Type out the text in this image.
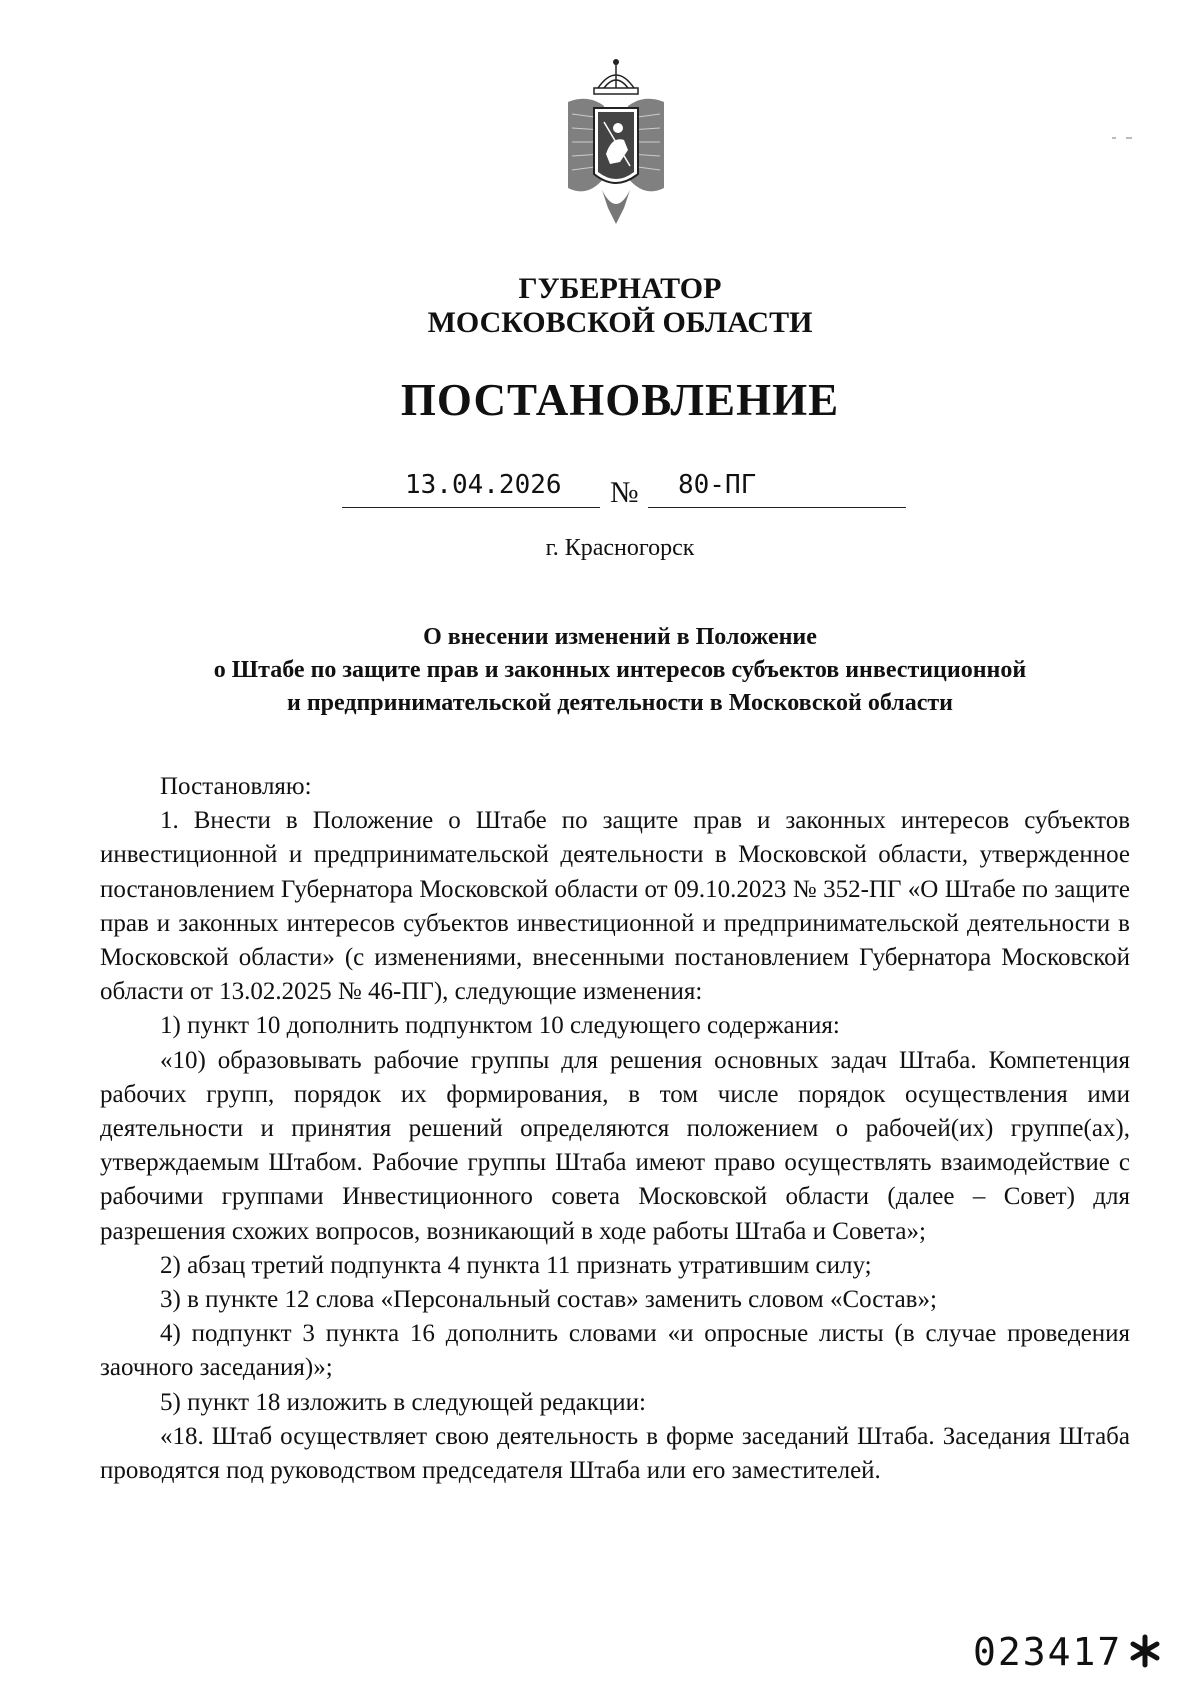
ГУБЕРНАТОР
МОСКОВСКОЙ ОБЛАСТИ
ПОСТАНОВЛЕНИЕ
13.04.2026 № 80-ПГ
г. Красногорск
О внесении изменений в Положение
о Штабе по защите прав и законных интересов субъектов инвестиционной
и предпринимательской деятельности в Московской области

Постановляю:

1. Внести в Положение о Штабе по защите прав и законных интересов субъектов инвестиционной и предпринимательской деятельности в Московской области, утвержденное постановлением Губернатора Московской области от 09.10.2023 № 352-ПГ «О Штабе по защите прав и законных интересов субъектов инвестиционной и предпринимательской деятельности в Московской области» (с изменениями, внесенными постановлением Губернатора Московской области от 13.02.2025 № 46-ПГ), следующие изменения:

1) пункт 10 дополнить подпунктом 10 следующего содержания:

«10) образовывать рабочие группы для решения основных задач Штаба. Компетенция рабочих групп, порядок их формирования, в том числе порядок осуществления ими деятельности и принятия решений определяются положением о рабочей(их) группе(ах), утверждаемым Штабом. Рабочие группы Штаба имеют право осуществлять взаимодействие с рабочими группами Инвестиционного совета Московской области (далее – Совет) для разрешения схожих вопросов, возникающий в ходе работы Штаба и Совета»;

2) абзац третий подпункта 4 пункта 11 признать утратившим силу;

3) в пункте 12 слова «Персональный состав» заменить словом «Состав»;

4) подпункт 3 пункта 16 дополнить словами «и опросные листы (в случае проведения заочного заседания)»;

5) пункт 18 изложить в следующей редакции:

«18. Штаб осуществляет свою деятельность в форме заседаний Штаба. Заседания Штаба проводятся под руководством председателя Штаба или его заместителей.

023417
